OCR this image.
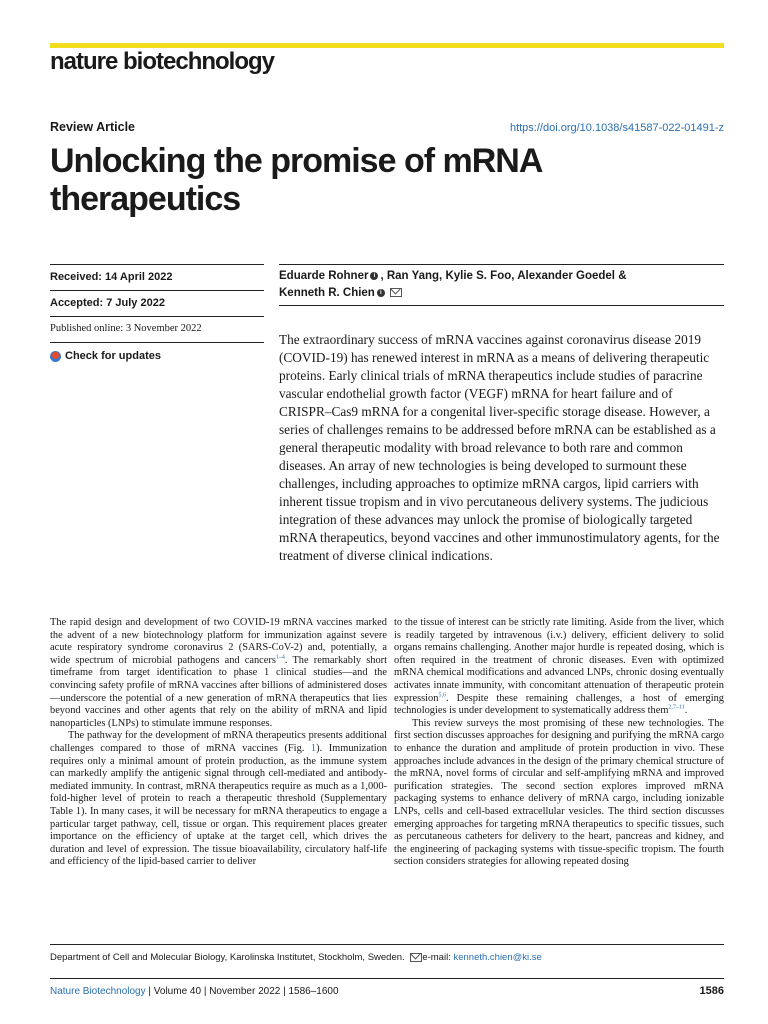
nature biotechnology
Review Article	https://doi.org/10.1038/s41587-022-01491-z
Unlocking the promise of mRNA therapeutics
Received: 14 April 2022
Accepted: 7 July 2022
Published online: 3 November 2022
Check for updates

Eduarde Rohner i , Ran Yang, Kylie S. Foo, Alexander Goedel &
Kenneth R. Chien i

The extraordinary success of mRNA vaccines against coronavirus disease 2019 (COVID-19) has renewed interest in mRNA as a means of delivering therapeutic proteins. Early clinical trials of mRNA therapeutics include studies of paracrine vascular endothelial growth factor (VEGF) mRNA for heart failure and of CRISPR–Cas9 mRNA for a congenital liver-specific storage disease. However, a series of challenges remains to be addressed before mRNA can be established as a general therapeutic modality with broad relevance to both rare and common diseases. An array of new technologies is being developed to surmount these challenges, including approaches to optimize mRNA cargos, lipid carriers with inherent tissue tropism and in vivo percutaneous delivery systems. The judicious integration of these advances may unlock the promise of biologically targeted mRNA therapeutics, beyond vaccines and other immunostimulatory agents, for the treatment of diverse clinical indications.

The rapid design and development of two COVID-19 mRNA vaccines marked the advent of a new biotechnology platform for immunization against severe acute respiratory syndrome coronavirus 2 (SARS-CoV-2) and, potentially, a wide spectrum of microbial pathogens and cancers$^{1-4}$. The remarkably short timeframe from target identification to phase 1 clinical studies—and the convincing safety profile of mRNA vaccines after billions of administered doses—underscore the potential of a new generation of mRNA therapeutics that lies beyond vaccines and other agents that rely on the ability of mRNA and lipid nanoparticles (LNPs) to stimulate immune responses.

The pathway for the development of mRNA therapeutics presents additional challenges compared to those of mRNA vaccines (Fig. 1). Immunization requires only a minimal amount of protein production, as the immune system can markedly amplify the antigenic signal through cell-mediated and antibody-mediated immunity. In contrast, mRNA therapeutics require as much as a 1,000-fold-higher level of protein to reach a therapeutic threshold (Supplementary Table 1). In many cases, it will be necessary for mRNA therapeutics to engage a particular target pathway, cell, tissue or organ. This requirement places greater importance on the efficiency of uptake at the target cell, which drives the duration and level of expression. The tissue bioavailability, circulatory half-life and efficiency of the lipid-based carrier to deliver

to the tissue of interest can be strictly rate limiting. Aside from the liver, which is readily targeted by intravenous (i.v.) delivery, efficient delivery to solid organs remains challenging. Another major hurdle is repeated dosing, which is often required in the treatment of chronic diseases. Even with optimized mRNA chemical modifications and advanced LNPs, chronic dosing eventually activates innate immunity, with concomitant attenuation of therapeutic protein expression$^{5,6}$. Despite these remaining challenges, a host of emerging technologies is under development to systematically address them$^{2,7-11}$.

This review surveys the most promising of these new technologies. The first section discusses approaches for designing and purifying the mRNA cargo to enhance the duration and amplitude of protein production in vivo. These approaches include advances in the design of the primary chemical structure of the mRNA, novel forms of circular and self-amplifying mRNA and improved purification strategies. The second section explores improved mRNA packaging systems to enhance delivery of mRNA cargo, including ionizable LNPs, cells and cell-based extracellular vesicles. The third section discusses emerging approaches for targeting mRNA therapeutics to specific tissues, such as percutaneous catheters for delivery to the heart, pancreas and kidney, and the engineering of packaging systems with tissue-specific tropism. The fourth section considers strategies for allowing repeated dosing

Department of Cell and Molecular Biology, Karolinska Institutet, Stockholm, Sweden. e-mail: kenneth.chien@ki.se
Nature Biotechnology | Volume 40 | November 2022 | 1586–1600	1586
